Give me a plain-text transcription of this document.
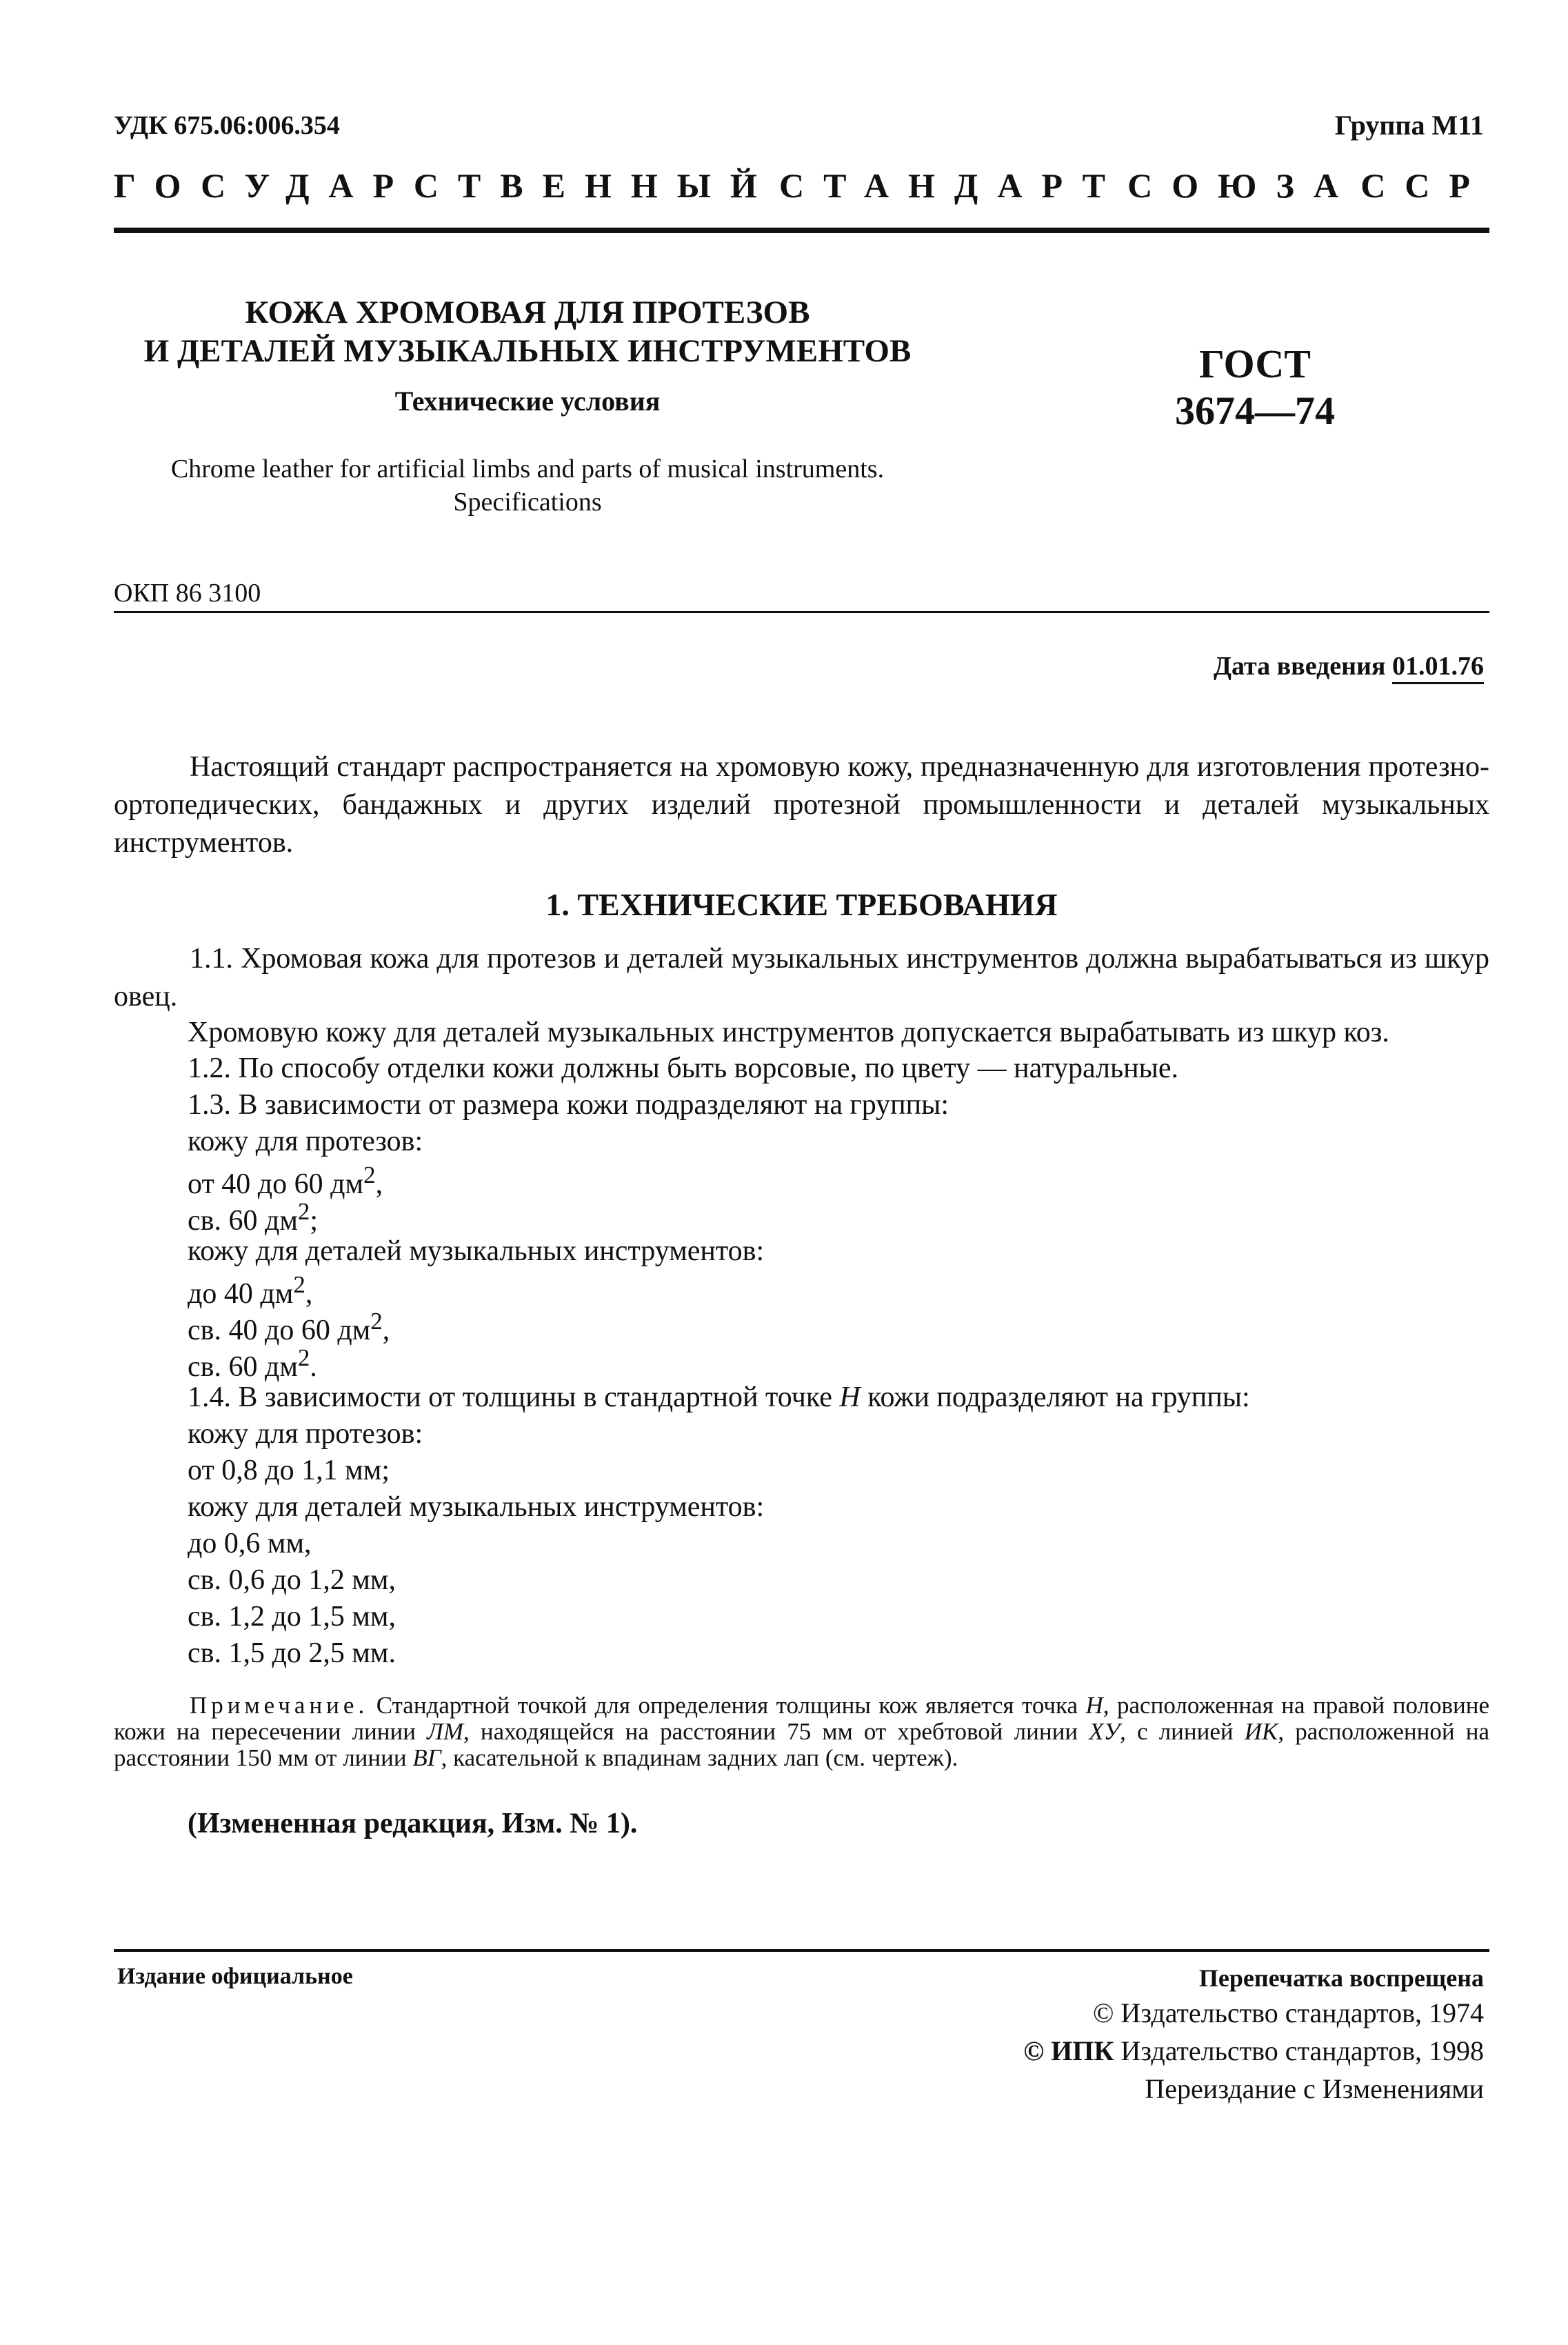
УДК 675.06:006.354	Группа М11
ГОСУДАРСТВЕННЫЙ СТАНДАРТ СОЮЗА ССР
КОЖА ХРОМОВАЯ ДЛЯ ПРОТЕЗОВ
И ДЕТАЛЕЙ МУЗЫКАЛЬНЫХ ИНСТРУМЕНТОВ
Технические условия
ГОСТ
3674—74
Chrome leather for artificial limbs and parts of musical instruments.
Specifications
ОКП 86 3100
Дата введения 01.01.76
Настоящий стандарт распространяется на хромовую кожу, предназначенную для изготовления протезно-ортопедических, бандажных и других изделий протезной промышленности и деталей музыкальных инструментов.
1. ТЕХНИЧЕСКИЕ ТРЕБОВАНИЯ
1.1. Хромовая кожа для протезов и деталей музыкальных инструментов должна вырабатываться из шкур овец.
Хромовую кожу для деталей музыкальных инструментов допускается вырабатывать из шкур коз.
1.2. По способу отделки кожи должны быть ворсовые, по цвету — натуральные.
1.3. В зависимости от размера кожи подразделяют на группы:
кожу для протезов:
от 40 до 60 $дм^2$,
св. 60 $дм^2$;
кожу для деталей музыкальных инструментов:
до 40 $дм^2$,
св. 40 до 60 $дм^2$,
св. 60 $дм^2$.
1.4. В зависимости от толщины в стандартной точке Н кожи подразделяют на группы:
кожу для протезов:
от 0,8 до 1,1 мм;
кожу для деталей музыкальных инструментов:
до 0,6 мм,
св. 0,6 до 1,2 мм,
св. 1,2 до 1,5 мм,
св. 1,5 до 2,5 мм.
Примечание. Стандартной точкой для определения толщины кож является точка Н, расположенная на правой половине кожи на пересечении линии ЛМ, находящейся на расстоянии 75 мм от хребтовой линии ХУ, с линией ИК, расположенной на расстоянии 150 мм от линии ВГ, касательной к впадинам задних лап (см. чертеж).
(Измененная редакция, Изм. № 1).
Издание официальное	Перепечатка воспрещена
© Издательство стандартов, 1974
© ИПК Издательство стандартов, 1998
Переиздание с Изменениями
